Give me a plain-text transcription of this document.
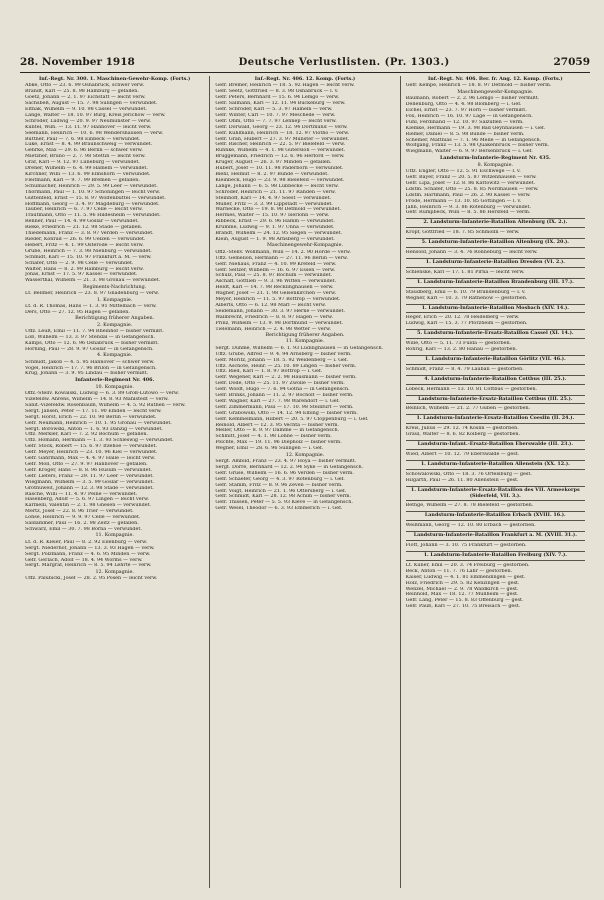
28. November 1918	Deutsche Verlustlisten. (Pr. 1303.)	27059

Inf.-Regt. Nr. 300. 1. Maschinen-Gewehr-Komp. (Forts.)

Abke, Otto — 23. 6. 99 Osnabrück, schwer verw.

Brandt, Karl — 25. 8. 98 Hamburg — gefallen.

Goetz, Johann — 2. 1. 97 Eichstätt — leicht verw.

Sachsbeß, August — 15. 7. 98 Sulingen — verwundet.

Elthak, Wilhelm — 9. 10. 98 Cassel — verwundet.

Lange, Walter — 18. 10. 97 Burg, Kreis Jerichow — verw.

Schröder, Ludwig — 20. 9. 97 Neumünster — verw.

Kuntel, Wilh. — 13. 11. 97 Hannover — leicht verw.

Seemann, Heinrich — 10. 6. 98 Wendershausen — verw.

Büttner, Paul — 7. 6. 98 Einbeck — verwundet.

Luke, Ernst — 8. 4. 99 Braunschweig — verwundet.

Gehrke, Max — 29. 6. 96 Berlin — schwer verw.

Mietzner, Bruno — 2. 7. 98 Stettin — leicht verw.

Graf, Karl — 9. 12. 97 Lüneburg — verwundet.

Dreher, Wilhelm — 6. 4. 99 Hameln — verwundet.

Kirchner, Willi — 13. 6. 99 Elmshorn — verwundet.

Fleitmann, Karl — 9. 7. 99 Bremen — gefallen.

Schumacher, Heinrich — 29. 5. 99 Leer — verwundet.

Thormann, Paul — 1. 10. 97 Schöningen — leicht verw.

Guttenfeld, Ernst — 15. 8. 97 Wolfenbüttel — verwundet.

Hoffmann, Georg — 3. 4. 97 Magdeburg — verwundet.

Tauber, Heinrich — 6. 7. 97 Celle — leicht verw.

Trautmann, Otto — 11. 5. 96 Hildesheim — verwundet.

Renner, Paul — 14. 4. 99 Goslar — verwundet.

Rieke, Friedrich — 21. 12. 98 Stade — gefallen.

Thiedemann, Franz — 3. 8. 97 Verden — verwundet.

Rieder, Konrad — 26. 6. 99 Uelzen — verwundet.

Hebert, Fritz — 4. 1. 99 Osterode — leicht verw.

Grube, Heinrich — 7. 3. 98 Nienburg — verwundet.

Schmidt, Karl — 15. 10. 97 Frankfurt a. M. — verw.

Schäfer, Otto — 2. 9. 98 Celle — verwundet.

Walter, Hans — 8. 2. 99 Hamburg — leicht verw.

Jonas, Ernst — 17. 5. 97 Kassel — verwundet.

Wasserthal, Wilhelm — 21. 3. 98 Gronau — verwundet.

Regiments-Nachrichtung.

Lt. Bellmer, Heinrich — 23. 8. 97 Gnadenburg — verw.

1. Kompagnie.

Lt. d. R. Thomas, Hans — 1. 3. 91 Mittelbach — verw.

Ders, Otto — 27. 12. 95 Hagen — gefallen.

Berichtigung früherer Angaben.

2. Kompagnie.

Uffz. Leuß, Emil — 11. 7. 94 Rheinhof — bisher vermißt.

Loß, Wilhelm — 13. 3. 97 Stendal — in Gefangensch.

Kamps, Otto — 12. 6. 96 Osnabrück — bisher vermißt.

Hörning, Paul — 28. 9. 97 Goslar — in Gefangensch.

4. Kompagnie.

Schmidt, Jakob — 4. 5. 95 Hannover — schwer verw.

Vogel, Heinrich — 17. 7. 96 Brilon — in Gefangensch.

Krug, Johann — 3. 9. 95 Lindau — bisher vermißt.

Infanterie-Regiment Nr. 406.

10. Kompagnie.

Offz.-Stellv. Kowalski, Ludwig — 6. 3. 89 Groß-Lutowo — verw.

Vizefeldw. Ahrens, Wilhelm — 14. 8. 93 Mahlstedt — verw.

Sanit.-Vizefeldw. Rosenbaum, Wilhelm — 4. 5. 92 Rüthen — verw.

Sergt. Jansen, Peter — 17. 11. 90 Emden — leicht verw.

Sergt. Horst, Erich — 22. 10. 90 Berlin — verwundet.

Gefr. Neumann, Heinrich — 10. 1. 95 Gronau — verwundet.

Sergt. Borowski, Anton — 1. 6. 93 Danzig — verwundet.

Uffz. Merkler, Karl — 7. 2. 92 Bochum — gefallen.

Uffz. Homann, Hermann — 1. 3. 93 Schleswig — verwundet.

Gefr. Stock, Robert — 15. 6. 97 Itzehoe — verwundet.

Gefr. Meyer, Heinrich — 23. 10. 96 Kiel — verwundet.

Gefr. Gahrmann, Max — 4. 4. 97 Halle — leicht verw.

Gefr. Moll, Otto — 27. 9. 97 Hannover — gefallen.

Gefr. Kröger, Hans — 8. 8. 96 Husum — verwundet.

Gefr. Liefers, Franz — 29. 11. 97 Leer — verwundet.

Wiegmann, Wilhelm — 3. 5. 99 Goslar — verwundet.

Grothuweit, Johann — 12. 3. 98 Stade — verwundet.

Rasche, Willi — 11. 4. 97 Peine — verwundet.

Hasenberg, Adolf — 5. 6. 97 Lingen — leicht verw.

Karmelli, Valentin — 2. 1. 98 Gnesen — verwundet.

Mertz, Josef — 22. 8. 96 Trier — verwundet.

Lohse, Heinrich — 9. 9. 97 Celle — verwundet.

Saldammer, Paul — 16. 2. 98 Zeitz — gefallen.

Schwarz, Emil — 30. 7. 98 Borna — verwundet.

11. Kompagnie.

Lt. d. R. Kleier, Paul — 8. 2. 92 Eilenburg — verw.

Sergt. Niederhof, Johann — 13. 3. 93 Hagen — verw.

Sergt. Polzmann, Franz — 4. 6. 95 Minden — verw.

Gefr. Gerlach, Adolf — 18. 4. 94 Worms — verw.

Sergt. Margraf, Heinrich — 8. 5. 94 Lehrte — verw.

12. Kompagnie.

Uffz. Palubicki, Josef — 28. 2. 95 Posen — leicht verw.

Inf.-Regt. Nr. 406. 12. Komp. (Forts.)

Gefr. Bremer, Heinrich — 18. 5. 92 Hagen — leicht verw.

Gefr. Seetz, Gottfried — 8. 3. 98 Osnabrück — l. v.

Gefr. Peters, Bernhard — 15. 6. 94 Lemgo — verw.

Gefr. Salmann, Karl — 12. 11. 94 Bückeburg — verw.

Gefr. Schröder, Karl — 5. 3. 97 Hameln — verw.

Gefr. Winter, Carl — 10. 7. 97 Meschede — verw.

Gefr. Ohm, Otto — 7. 7. 97 Lennep — leicht verw.

Gefr. Dörwald, Georg — 23. 12. 94 Dortmund — verw.

Gefr. Kuhlmann, Heinrich — 18. 12. 97 Vlotho — verw.

Gefr. Gran, Hubert — 27. 3. 97 Münster — verwundet.

Gefr. Rischer, Heinrich — 22. 5. 97 Bielefeld — verw.

Ruhnke, Wilhelm — 4. 1. 98 Gütersloh — verwundet.

Brüggemann, Friedrich — 12. 6. 96 Herford — verw.

Krüger, August — 26. 3. 97 Minden — gefallen.

Hubert, Josef — 10. 11. 98 Paderborn — verwundet.

Biehl, Helmut — 8. 2. 97 Bünde — verwundet.

Kleinbeck, Hugo — 23. 9. 98 Bielefeld — verwundet.

Lange, Johann — 6. 5. 98 Lübbecke — leicht verw.

Schröder, Heinrich — 21. 11. 97 Rahden — verw.

Steinhoff, Karl — 14. 4. 97 Soest — verwundet.

Müller, Fritz — 3. 3. 99 Lippstadt — verwundet.

Warnecke, Otto — 19. 8. 98 Detmold — verwundet.

Hermes, Walter — 15. 10. 97 Iserlohn — verw.

Ribbeck, Ernst — 29. 6. 96 Hamm — verwundet.

Krumme, Ludwig — 9. 1. 97 Unna — verwundet.

Brandt, Wilhelm — 24. 12. 95 Siegen — verwundet.

Klein, August — 1. 9. 98 Arnsberg — verwundet.

Maschinengewehr-Kompagnie.

Offz.-Stellv. Wollmann, Willi — 14. 2. 90 Hörde — verw.

Uffz. Gemelion, Hermann — 27. 11. 96 Berlin — verw.

Gefr. Niehaus, Franz — 4. 10. 99 Krefeld — verw.

Gefr. Seltzer, Wilhelm — 16. 6. 97 Essen — verw.

Schulz, Paul — 25. 8. 97 Bochum — verwundet.

Aschaff, Gottlieb — 9. 3. 96 Witten — verwundet.

Heldt, Karl — 14. 7. 98 Recklinghausen — verw.

Wagner, Josef — 21. 1. 98 Gelsenkirchen — verw.

Meyer, Heinrich — 11. 5. 97 Bottrop — verwundet.

Alberts, Otto — 6. 12. 98 Marl — leicht verw.

Seidemann, Johann — 30. 3. 97 Herne — verwundet.

Wallbrecht, Friedrich — 8. 8. 97 Hagen — verw.

Prinz, Wilhelm — 13. 9. 98 Dortmund — verwundet.

Tielemann, Heinrich — 2. 4. 98 Wetter — verw.

Berichtigung früherer Angaben.

11. Kompagnie.

Sergt. Duhme, Wilhelm — 6. 1. 93 Lüdinghausen — in Gefangensch.

Uffz. Grube, Alfred — 9. 4. 94 Arnsberg — bisher verm.

Gefr. Moritz, Johann — 18. 5. 92 Weidenberg — i. Gef.

Uffz. Aschöte, Heinr. — 25. 10. 89 Lingen — bisher verm.

Uffz. Ried, Karl — 1. 8. 97 Bottrop — i. Gef.

Gefr. Wegener, Karl — 2. 2. 98 Hausmann — bisher verm.

Gefr. Dode, Otto — 25. 11. 97 Zwolle — bisher verm.

Gefr. Woldt, Hugo — 7. 6. 94 Gotha — in Gefangensch.

Gefr. Brinks, Johann — 11. 2. 97 Bocholt — bisher verm.

Gefr. Wagner, Karl — 27. 7. 98 Warendorf — i. Gef.

Gefr. Zimmermann, Paul — 17. 10. 98 Steinfurt — verm.

Gefr. Grabowski, Otto — 14. 12. 94 Elbing — bisher verm.

Gefr. Kemmelmann, Hilbert — 20. 5. 97 Cloppenburg — i. Gef.

Reinold, Albert — 12. 3. 95 Vechta — bisher verm.

Meller, Otto — 8. 9. 97 Damme — in Gefangensch.

Schmitt, Josef — 4. 1. 98 Lohne — bisher verm.

Pölchte, Max — 19. 11. 96 Diepholz — bisher verm.

Wegner, Emil — 28. 6. 96 Sulingen — i. Gef.

12. Kompagnie.

Sergt. Ambild, Franz — 23. 4. 97 Hoya — bisher vermißt.

Sergt. Dörre, Bernhard — 12. 2. 94 Syke — in Gefangensch.

Gefr. Gruse, Wilhelm — 16. 6. 96 Verden — bisher verm.

Gefr. Schaefer, Georg — 4. 3. 97 Rotenburg — i. Gef.

Gefr. Stamm, Fritz — 8. 9. 96 Zeven — bisher verm.

Gefr. Voigt, Heinrich — 21. 1. 96 Ottersberg — i. Gef.

Gefr. Schmidt, Karl — 28. 12. 98 Achim — bisher verm.

Gefr. Thissen, Peter — 5. 5. 93 Kleve — in Gefangensch.

Gefr. Wesel, Theodor — 6. 3. 93 Emmerich — i. Gef.

Inf.-Regt. Nr. 406. Ber. fr. Ang. 12. Komp. (Forts.)

Gefr. Kempe, Heinrich — 18. 8. 97 Detmold — bisher verm.

Maschinengewehr-Kompagnie.

Baumann, Robert — 2. 2. 96 Lemgo — bisher vermißt.

Dellenburg, Otto — 4. 4. 98 Blomberg — i. Gef.

Eichel, Ernst — 23. 7. 97 Horn — bisher vermißt.

Fox, Heinrich — 16. 10. 97 Lage — in Gefangensch.

Fuhl, Ferdinand — 12. 10. 97 Salzuflen — verm.

Klemke, Hermann — 19. 3. 98 Bad Oeynhausen — i. Gef.

Riemer, Daniel — 8. 5. 98 Bünde — bisher verm.

Schemer, Matthias — 7. 1. 96 Melle — in Gefangensch.

Wolfgang, Franz — 13. 5. 98 Quakenbrück — bisher verm.

Wiegmann, Walter — 6. 9. 97 Bersenbrück — i. Gef.

Landsturm-Infanterie-Regiment Nr. 435.

8. Kompagnie.

Uffz. Engler, Otto — 12. 5. 91 Eschwege — l. v.

Gefr. Bayer, Franz — 20. 5. 87 Witzenhausen — verw.

Gefr. Lipa, Josef — 12. 8. 86 Kattowitz — verwundet.

Ldstm. Schäfer, Otto — 25. 8. 85 Nordhausen — verw.

Ldstm. Hartmann, Paul — 26. 2. 90 Kassel — verw.

Fröde, Hermann — 13. 10. 85 Göttingen — l. v.

Jahn, Heinrich — 9. 3. 86 Rotenburg — verwundet.

Gefr. Rumpbeck, Willi — 8. 5. 86 Hersfeld — verm.

2. Landsturm-Infanterie-Bataillon Altenburg (IX. 2.).

Kropf, Gottfried — 18. 7. 85 Schmölln — verw.

5. Landsturm-Infanterie-Bataillon Altenburg (IX. 20.).

Hensold, Johann — 3. 4. 76 Ronneburg — leicht verw.

1. Landsturm-Infanterie-Bataillon Dresden (VI. 2.).

Schlenske, Karl — 17. 1. 81 Pirna — leicht verw.

1. Landsturm-Infanterie-Bataillon Brandenburg (III. 17.).

Stäudberg, Emil — 6. 10. 79 Brandenburg — l. v.

Wegner, Karl — 10. 3. 79 Rathenow — gestorben.

1. Landsturm-Infanterie-Bataillon Mosbach (XIV. 14.).

Heger, Erich — 20. 12. 78 Heidelberg — verw.

Ludwig, Karl — 15. 3. 77 Pforzheim — gestorben.

5. Landsturm-Infanterie-Ersatz-Bataillon Cassel (XI. 14.).

Wille, Otto — 5. 11. 73 Fulda — gestorben.

Röhrig, Karl — 13. 2. 80 Hanau — gestorben.

1. Landsturm-Infanterie-Bataillon Görlitz (VII. 46.).

Schmidt, Franz — 8. 4. 79 Lauban — gestorben.

4. Landsturm-Infanterie-Bataillon Cottbus (III. 25.).

Lobeck, Hermann — 13. 10. 81 Cottbus — gestorben.

Landsturm-Infanterie-Ersatz-Bataillon Cottbus (III. 25.).

Beinlich, Wilhelm — 21. 2. 77 Guben — gestorben.

1. Landsturm-Infanterie-Ersatz-Bataillon Coeslin (II. 24.).

Kreis, Julius — 29. 12. 74 Köslin — gestorben.

Graul, Walter — 8. 6. 82 Kolberg — gestorben.

Landsturm-Infant.-Ersatz-Bataillon Eberswalde (III. 23.).

Wied, Albert — 10. 12. 79 Eberswalde — gest.

1. Landsturm-Infanterie-Bataillon Allenstein (XX. 12.).

Schowalowski, Otto — 18. 3. 76 Ortelsburg — gest.

Hilgarth, Paul — 26. 11. 80 Allenstein — gest.

1. Landsturm-Infanterie-Ersatz-Bataillon des VII. Armeekorps (Siderfeld, VII. 3.).

Bethge, Wilhelm — 27. 8. 78 Bielefeld — gestorben.

Landsturm-Infanterie-Bataillon Erbach (XVIII. 16.).

Weißmann, Georg — 12. 10. 80 Erbach — gestorben.

Landsturm-Infanterie-Bataillon Frankfurt a. M. (XVIII. 31.).

Flott, Johann — 3. 10. 75 Frankfurt — gestorben.

1. Landsturm-Infanterie-Bataillon Freiburg (XIV. 7.).

Lt. Kuner, Emil — 20. 3. 74 Freiburg — gestorben.

Beck, Anton — 11. 7. 76 Lahr — gestorben.

Kaiser, Ludwig — 4. 1. 81 Emmendingen — gest.

Holz, Friedrich — 29. 5. 82 Kenzingen — gest.

Wenzel, Michael — 2. 9. 78 Waldkirch — gest.

Reinhold, Max — 18. 12. 77 Müllheim — gest.

Gefr. Lang, Peter — 15. 8. 83 Offenburg — gest.

Gefr. Pauß, Karl — 27. 10. 75 Breisach — gest.
